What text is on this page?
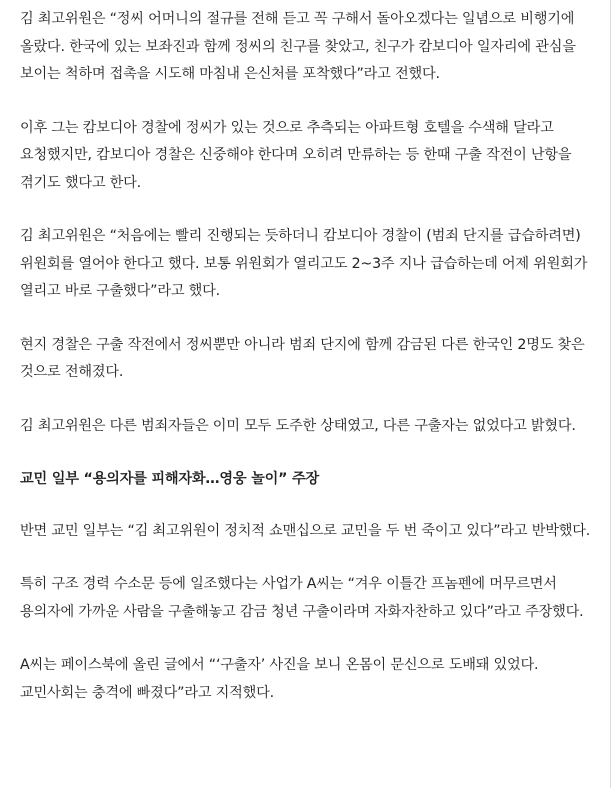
김 최고위원은 “정씨 어머니의 절규를 전해 듣고 꼭 구해서 돌아오겠다는 일념으로 비행기에 올랐다. 한국에 있는 보좌진과 함께 정씨의 친구를 찾았고, 친구가 캄보디아 일자리에 관심을 보이는 척하며 접촉을 시도해 마침내 은신처를 포착했다”라고 전했다.

이후 그는 캄보디아 경찰에 정씨가 있는 것으로 추측되는 아파트형 호텔을 수색해 달라고 요청했지만, 캄보디아 경찰은 신중해야 한다며 오히려 만류하는 등 한때 구출 작전이 난항을 겪기도 했다고 한다.

김 최고위원은 “처음에는 빨리 진행되는 듯하더니 캄보디아 경찰이 (범죄 단지를 급습하려면) 위원회를 열어야 한다고 했다. 보통 위원회가 열리고도 2~3주 지나 급습하는데 어제 위원회가 열리고 바로 구출했다”라고 했다.

현지 경찰은 구출 작전에서 정씨뿐만 아니라 범죄 단지에 함께 감금된 다른 한국인 2명도 찾은 것으로 전해졌다.

김 최고위원은 다른 범죄자들은 이미 모두 도주한 상태였고, 다른 구출자는 없었다고 밝혔다.

교민 일부 “용의자를 피해자화…영웅 놀이” 주장

반면 교민 일부는 “김 최고위원이 정치적 쇼맨십으로 교민을 두 번 죽이고 있다”라고 반박했다.

특히 구조 경력 수소문 등에 일조했다는 사업가 A씨는 “겨우 이틀간 프놈펜에 머무르면서 용의자에 가까운 사람을 구출해놓고 감금 청년 구출이라며 자화자찬하고 있다”라고 주장했다.

A씨는 페이스북에 올린 글에서 “‘구출자’ 사진을 보니 온몸이 문신으로 도배돼 있었다. 교민사회는 충격에 빠졌다”라고 지적했다.
